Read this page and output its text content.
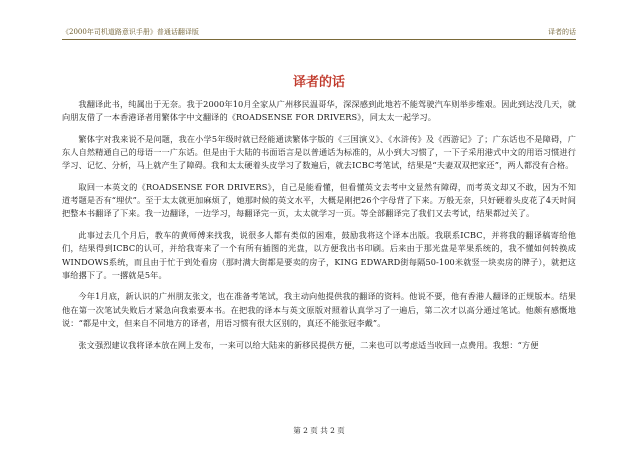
《2000年司机道路意识手册》普通话翻译版	译者的话
译者的话

我翻译此书，纯属出于无奈。我于2000年10月全家从广州移民温哥华，深深感到此地若不能驾驶汽车则举步维艰。因此到达没几天，就向朋友借了一本香港译者用繁体字中文翻译的《ROADSENSE FOR DRIVERS》，同太太一起学习。

繁体字对我来说不是问题，我在小学5年级时就已经能通读繁体字版的《三国演义》、《水浒传》及《西游记》了；广东话也不是障碍，广东人自然精通自己的母语一一广东话。但是由于大陆的书面语言是以普通话为标准的，从小到大习惯了，一下子采用港式中文的用语习惯进行学习、记忆、分析，马上就产生了障碍。我和太太硬着头皮学习了数遍后，就去ICBC考笔试，结果是“夫妻双双把家还”，两人都没有合格。

取回一本英文的《ROADSENSE FOR DRIVERS》，自己是能看懂，但看懂英文去考中文显然有障碍，而考英文却又不敢，因为不知道考题是否有“埋伏”。至于太太就更加麻烦了，她那时候的英文水平，大概是刚把26个字母背了下来。万般无奈，只好硬着头皮花了4天时间把整本书翻译了下来。我一边翻译，一边学习，每翻译完一页，太太就学习一页。等全部翻译完了我们又去考试，结果都过关了。

此事过去几个月后，教车的黄师傅来找我，说很多人都有类似的困难，鼓励我将这个译本出版。我联系ICBC，并将我的翻译稿寄给他们，结果得到ICBC的认可，并给我寄来了一个有所有插图的光盘，以方便我出书印刷。后来由于那光盘是苹果系统的，我不懂如何转换成WINDOWS系统，而且由于忙于到处看房（那时满大街都是要卖的房子，KING EDWARD街每隔50-100米就竖一块卖房的牌子），就把这事给撂下了。一撂就是5年。

今年1月底，新认识的广州朋友张文，也在准备考笔试，我主动向他提供我的翻译的资料。他说不要，他有香港人翻译的正规版本。结果他在第一次笔试失败后才紧急向我索要本书。在把我的译本与英文原版对照着认真学习了一遍后，第二次才以高分通过笔试。他颇有感慨地说：“都是中文，但来自不同地方的译者，用语习惯有很大区别的，真还不能张冠李戴”。

张文强烈建议我将译本放在网上发布，一来可以给大陆来的新移民提供方便，二来也可以考虑适当收回一点费用。我想：“方便

第 2 页 共 2 页
